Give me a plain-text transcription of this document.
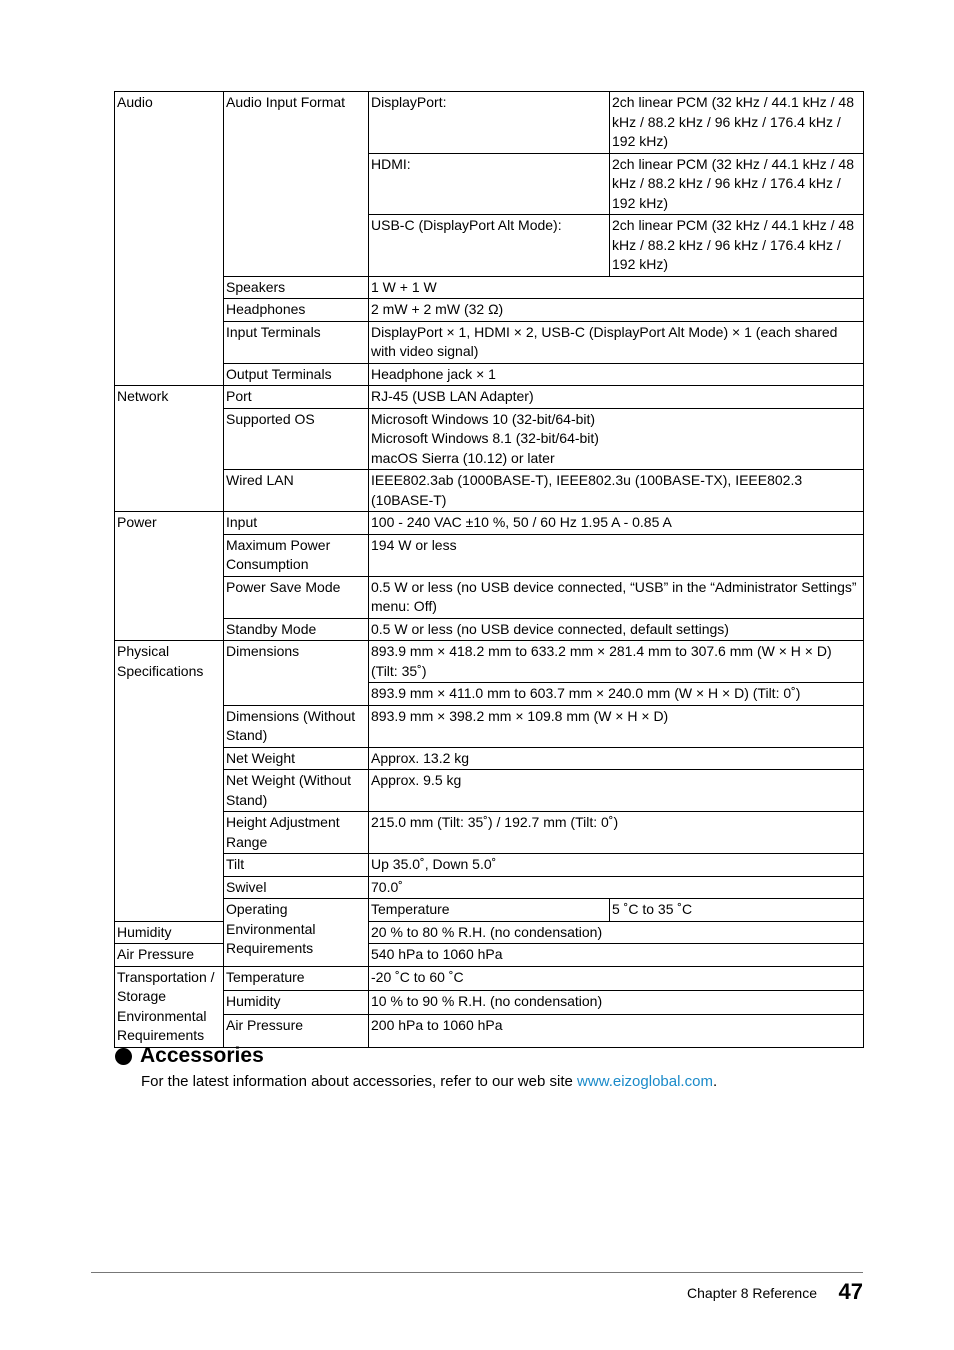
Audio	Audio Input Format	DisplayPort:	2ch linear PCM (32 kHz / 44.1 kHz / 48 kHz / 88.2 kHz / 96 kHz / 176.4 kHz / 192 kHz)
		HDMI:	2ch linear PCM (32 kHz / 44.1 kHz / 48 kHz / 88.2 kHz / 96 kHz / 176.4 kHz / 192 kHz)
		USB-C (DisplayPort Alt Mode):	2ch linear PCM (32 kHz / 44.1 kHz / 48 kHz / 88.2 kHz / 96 kHz / 176.4 kHz / 192 kHz)
	Speakers	1 W + 1 W	
	Headphones	2 mW + 2 mW (32 Ω)	
	Input Terminals	DisplayPort × 1, HDMI × 2, USB-C (DisplayPort Alt Mode) × 1 (each shared with video signal)	
	Output Terminals	Headphone jack × 1	
Network	Port	RJ-45 (USB LAN Adapter)	
	Supported OS	Microsoft Windows 10 (32-bit/64-bit)
Microsoft Windows 8.1 (32-bit/64-bit)
macOS Sierra (10.12) or later	

	Wired LAN	IEEE802.3ab (1000BASE-T), IEEE802.3u (100BASE-TX), IEEE802.3 (10BASE-T)	
Power	Input	100 - 240 VAC ±10 %, 50 / 60 Hz 1.95 A - 0.85 A	
	Maximum Power Consumption	194 W or less	
	Power Save Mode	0.5 W or less (no USB device connected, “USB” in the “Administrator Settings” menu: Off)	
	Standby Mode	0.5 W or less (no USB device connected, default settings)	
Physical Specifications	Dimensions	893.9 mm × 418.2 mm to 633.2 mm × 281.4 mm to 307.6 mm (W × H × D) (Tilt: 35˚)	
		893.9 mm × 411.0 mm to 603.7 mm × 240.0 mm (W × H × D) (Tilt: 0˚)	
	Dimensions (Without Stand)	893.9 mm × 398.2 mm × 109.8 mm (W × H × D)	
	Net Weight	Approx. 13.2 kg	
	Net Weight (Without Stand)	Approx. 9.5 kg	
	Height Adjustment Range	215.0 mm (Tilt: 35˚) / 192.7 mm (Tilt: 0˚)	
	Tilt	Up 35.0˚, Down 5.0˚	
	Swivel	70.0˚	
	Operating Environmental Requirements	Temperature	5 ˚C to 35 ˚C
Humidity		20 % to 80 % R.H. (no condensation)	
Air Pressure		540 hPa to 1060 hPa	
Transportation / Storage Environmental Requirements	Temperature	-20 ˚C to 60 ˚C	
	Humidity	10 % to 90 % R.H. (no condensation)	
	Air Pressure	200 hPa to 1060 hPa	
Accessories

For the latest information about accessories, refer to our web site www.eizoglobal.com.

Chapter 8 Reference 47
